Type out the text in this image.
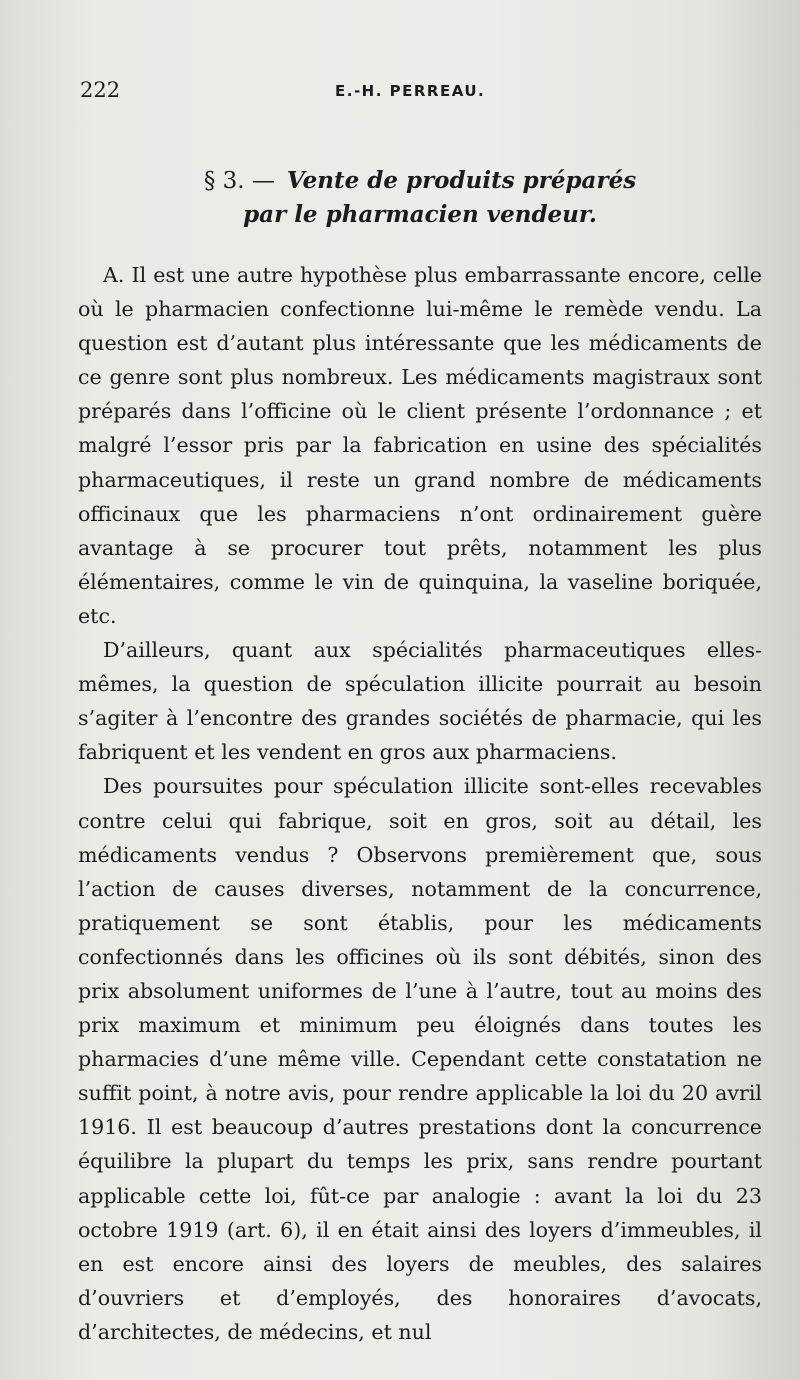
222	E.-H. PERREAU.
§ 3. — Vente de produits préparés
par le pharmacien vendeur.

A. Il est une autre hypothèse plus embarrassante encore, celle où le pharmacien confectionne lui-même le remède vendu. La question est d’autant plus intéressante que les médicaments de ce genre sont plus nombreux. Les médicaments magistraux sont préparés dans l’officine où le client présente l’ordonnance ; et malgré l’essor pris par la fabrication en usine des spécialités pharmaceutiques, il reste un grand nombre de médicaments officinaux que les pharmaciens n’ont ordinairement guère avantage à se procurer tout prêts, notamment les plus élémentaires, comme le vin de quinquina, la vaseline boriquée, etc.

D’ailleurs, quant aux spécialités pharmaceutiques elles-mêmes, la question de spéculation illicite pourrait au besoin s’agiter à l’encontre des grandes sociétés de pharmacie, qui les fabriquent et les vendent en gros aux pharmaciens.

Des poursuites pour spéculation illicite sont-elles recevables contre celui qui fabrique, soit en gros, soit au détail, les médicaments vendus ? Observons premièrement que, sous l’action de causes diverses, notamment de la concurrence, pratiquement se sont établis, pour les médicaments confectionnés dans les officines où ils sont débités, sinon des prix absolument uniformes de l’une à l’autre, tout au moins des prix maximum et minimum peu éloignés dans toutes les pharmacies d’une même ville. Cependant cette constatation ne suffit point, à notre avis, pour rendre applicable la loi du 20 avril 1916. Il est beaucoup d’autres prestations dont la concurrence équilibre la plupart du temps les prix, sans rendre pourtant applicable cette loi, fût-ce par analogie : avant la loi du 23 octobre 1919 (art. 6), il en était ainsi des loyers d’immeubles, il en est encore ainsi des loyers de meubles, des salaires d’ouvriers et d’employés, des honoraires d’avocats, d’architectes, de médecins, et nul
